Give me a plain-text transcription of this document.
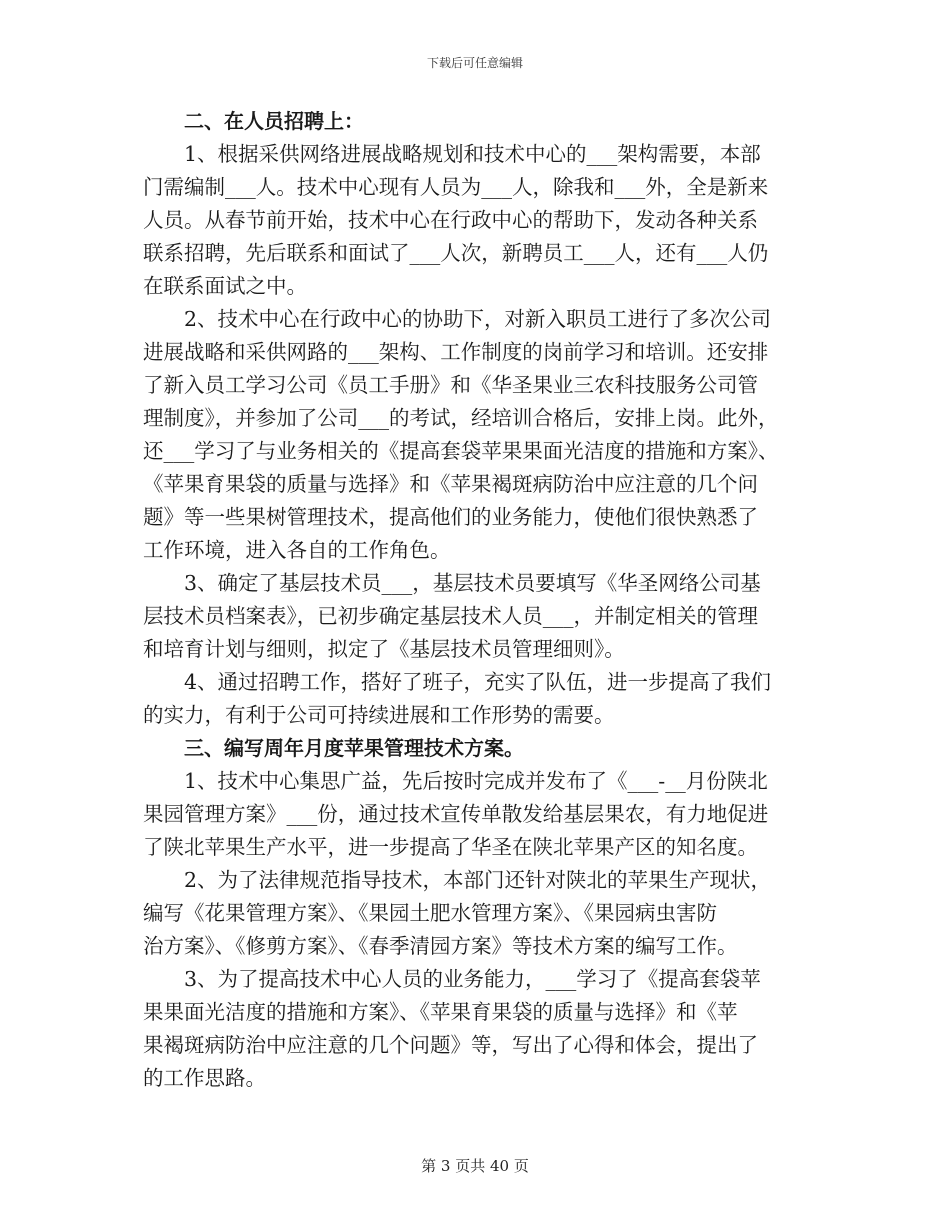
下载后可任意编辑
二、在人员招聘上：
1、根据采供网络进展战略规划和技术中心的___架构需要，本部
门需编制___人。技术中心现有人员为___人，除我和___外，全是新来
人员。从春节前开始，技术中心在行政中心的帮助下，发动各种关系
联系招聘，先后联系和面试了___人次，新聘员工___人，还有___人仍
在联系面试之中。
2、技术中心在行政中心的协助下，对新入职员工进行了多次公司
进展战略和采供网路的___架构、工作制度的岗前学习和培训。还安排
了新入员工学习公司《员工手册》和《华圣果业三农科技服务公司管
理制度》，并参加了公司___的考试，经培训合格后，安排上岗。此外，
还___学习了与业务相关的《提高套袋苹果果面光洁度的措施和方案》、
《苹果育果袋的质量与选择》和《苹果褐斑病防治中应注意的几个问
题》等一些果树管理技术，提高他们的业务能力，使他们很快熟悉了
工作环境，进入各自的工作角色。
3、确定了基层技术员___，基层技术员要填写《华圣网络公司基
层技术员档案表》，已初步确定基层技术人员___，并制定相关的管理
和培育计划与细则，拟定了《基层技术员管理细则》。
4、通过招聘工作，搭好了班子，充实了队伍，进一步提高了我们
的实力，有利于公司可持续进展和工作形势的需要。
三、编写周年月度苹果管理技术方案。
1、技术中心集思广益，先后按时完成并发布了《___-__月份陕北
果园管理方案》___份，通过技术宣传单散发给基层果农，有力地促进
了陕北苹果生产水平，进一步提高了华圣在陕北苹果产区的知名度。
2、为了法律规范指导技术，本部门还针对陕北的苹果生产现状，
编写《花果管理方案》、《果园土肥水管理方案》、《果园病虫害防
治方案》、《修剪方案》、《春季清园方案》等技术方案的编写工作。
3、为了提高技术中心人员的业务能力，___学习了《提高套袋苹
果果面光洁度的措施和方案》、《苹果育果袋的质量与选择》和《苹
果褐斑病防治中应注意的几个问题》等，写出了心得和体会，提出了
的工作思路。
第 3 页共 40 页
